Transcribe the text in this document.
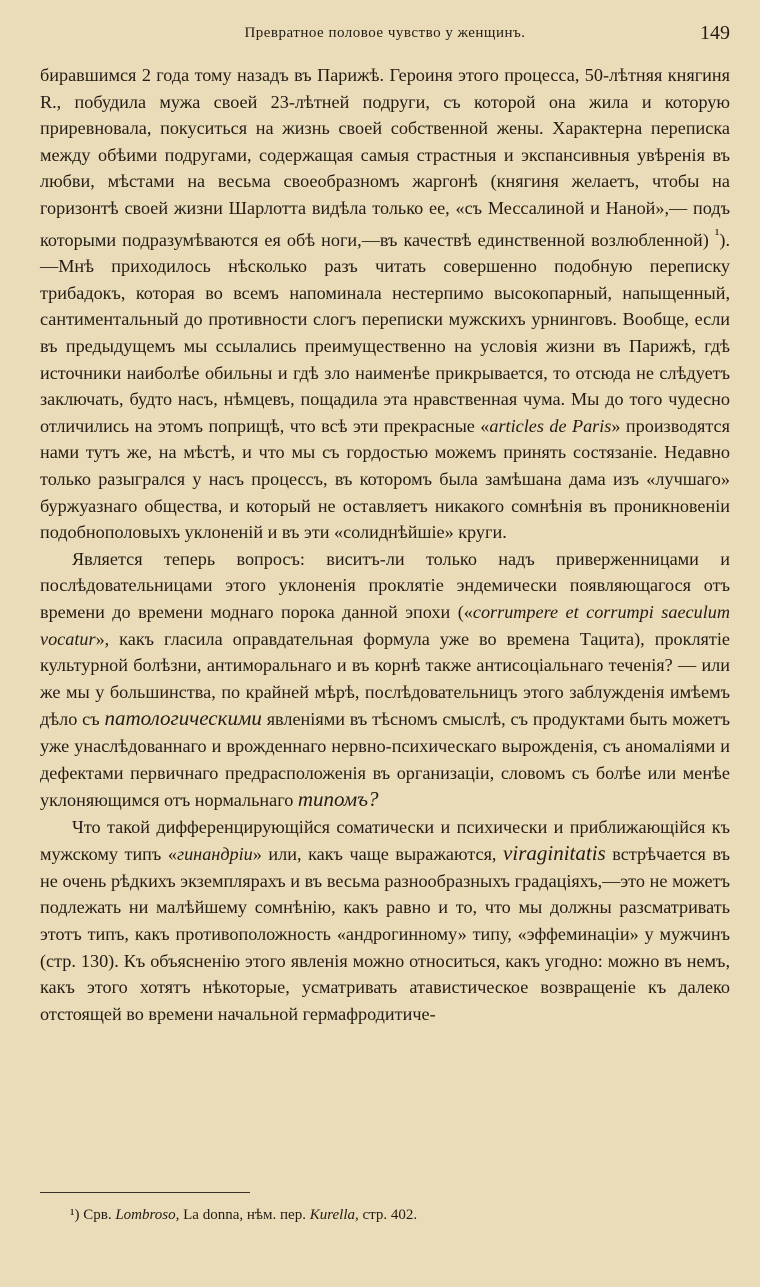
Превратное половое чувство у женщинъ.	149

биравшимся 2 года тому назадъ въ Парижѣ. Героиня этого процесса, 50-лѣтняя княгиня R., побудила мужа своей 23-лѣтней подруги, съ которой она жила и которую приревновала, покуситься на жизнь своей собственной жены. Характерна переписка между обѣими подругами, содержащая самыя страстныя и экспансивныя увѣренія въ любви, мѣстами на весьма своеобразномъ жаргонѣ (княгиня желаетъ, чтобы на горизонтѣ своей жизни Шарлотта видѣла только ее, «съ Мессалиной и Наной»,— подъ которыми подразумѣваются ея обѣ ноги,—въ качествѣ единственной возлюбленной) $^{^1}$).—Мнѣ приходилось нѣсколько разъ читать совершенно подобную переписку трибадокъ, которая во всемъ напоминала нестерпимо высокопарный, напыщенный, сантиментальный до противности слогъ переписки мужскихъ урнинговъ. Вообще, если въ предыдущемъ мы ссылались преимущественно на условія жизни въ Парижѣ, гдѣ источники наиболѣе обильны и гдѣ зло наименѣе прикрывается, то отсюда не слѣдуетъ заключать, будто насъ, нѣмцевъ, пощадила эта нравственная чума. Мы до того чудесно отличились на этомъ поприщѣ, что всѣ эти прекрасные «articles de Paris» производятся нами тутъ же, на мѣстѣ, и что мы съ гордостью можемъ принять состязаніе. Недавно только разыгрался у насъ процессъ, въ которомъ была замѣшана дама изъ «лучшаго» буржуазнаго общества, и который не оставляетъ никакого сомнѣнія въ проникновеніи подобнополовыхъ уклоненій и въ эти «солиднѣйшіе» круги.

Является теперь вопросъ: виситъ-ли только надъ приверженницами и послѣдовательницами этого уклоненія проклятіе эндемически появляющагося отъ времени до времени моднаго порока данной эпохи («corrumpere et corrumpi saeculum vocatur», какъ гласила оправдательная формула уже во времена Тацита), проклятіе культурной болѣзни, антиморальнаго и въ корнѣ также антисоціальнаго теченія? — или же мы у большинства, по крайней мѣрѣ, послѣдовательницъ этого заблужденія имѣемъ дѣло съ патологическими явленіями въ тѣсномъ смыслѣ, съ продуктами быть можетъ уже унаслѣдованнаго и врожденнаго нервно-психическаго вырожденія, съ аномаліями и дефектами первичнаго предрасположенія въ организаціи, словомъ съ болѣе или менѣе уклоняющимся отъ нормальнаго типомъ?

Что такой дифференцирующійся соматически и психически и приближающійся къ мужскому типъ «гинандріи» или, какъ чаще выражаются, viraginitatis встрѣчается въ не очень рѣдкихъ экземплярахъ и въ весьма разнообразныхъ градаціяхъ,—это не можетъ подлежать ни малѣйшему сомнѣнію, какъ равно и то, что мы должны разсматривать этотъ типъ, какъ противоположность «андрогинному» типу, «эффеминаціи» у мужчинъ (стр. 130). Къ объясненію этого явленія можно относиться, какъ угодно: можно въ немъ, какъ этого хотятъ нѣкоторые, усматривать атавистическое возвращеніе къ далеко отстоящей во времени начальной гермафродитиче-

¹) Срв. Lombroso, La donna, нѣм. пер. Kurella, стр. 402.
